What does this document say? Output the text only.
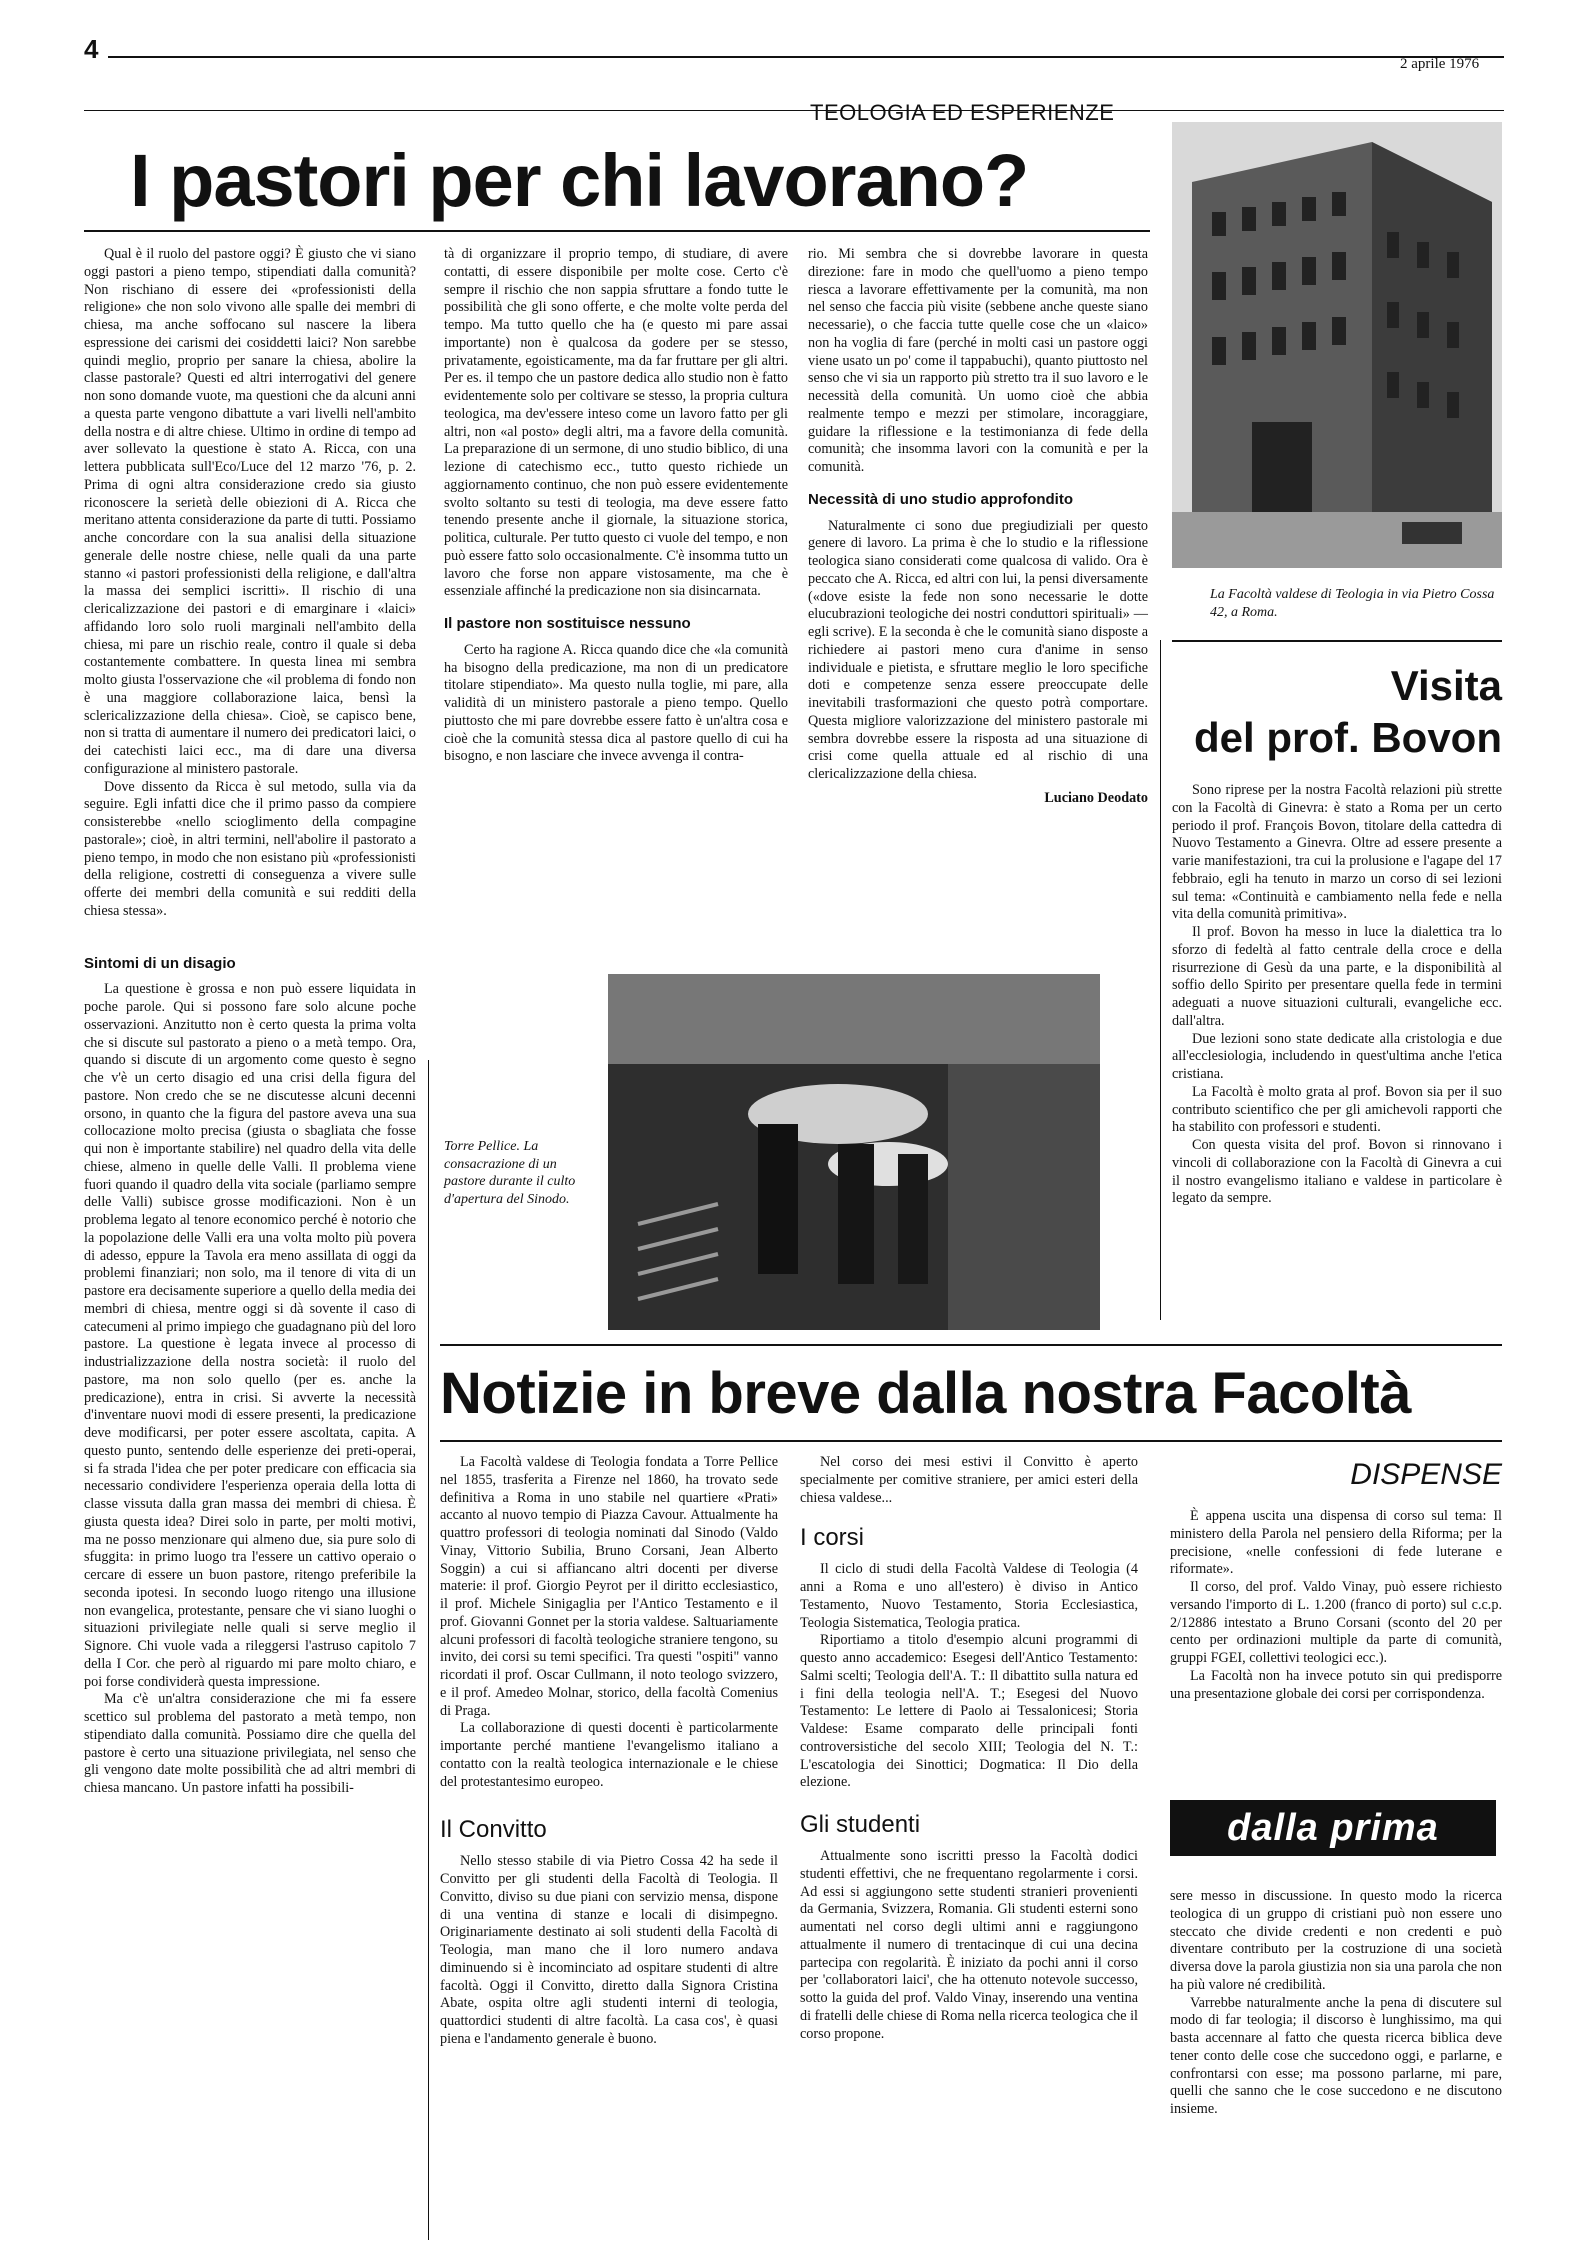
4	2 aprile 1976
TEOLOGIA ED ESPERIENZE
I pastori per chi lavorano?
La Facoltà valdese di Teologia in via Pietro Cossa 42, a Roma.

Qual è il ruolo del pastore oggi? È giusto che vi siano oggi pastori a pieno tempo, stipendiati dalla comunità? Non rischiano di essere dei «professionisti della religione» che non solo vivono alle spalle dei membri di chiesa, ma anche soffocano sul nascere la libera espressione dei carismi dei cosiddetti laici? Non sarebbe quindi meglio, proprio per sanare la chiesa, abolire la classe pastorale? Questi ed altri interrogativi del genere non sono domande vuote, ma questioni che da alcuni anni a questa parte vengono dibattute a vari livelli nell'ambito della nostra e di altre chiese. Ultimo in ordine di tempo ad aver sollevato la questione è stato A. Ricca, con una lettera pubblicata sull'Eco/Luce del 12 marzo '76, p. 2. Prima di ogni altra considerazione credo sia giusto riconoscere la serietà delle obiezioni di A. Ricca che meritano attenta considerazione da parte di tutti. Possiamo anche concordare con la sua analisi della situazione generale delle nostre chiese, nelle quali da una parte stanno «i pastori professionisti della religione, e dall'altra la massa dei semplici iscritti». Il rischio di una clericalizzazione dei pastori e di emarginare i «laici» affidando loro solo ruoli marginali nell'ambito della chiesa, mi pare un rischio reale, contro il quale si deba costantemente combattere. In questa linea mi sembra molto giusta l'osservazione che «il problema di fondo non è una maggiore collaborazione laica, bensì la sclericalizzazione della chiesa». Cioè, se capisco bene, non si tratta di aumentare il numero dei predicatori laici, o dei catechisti laici ecc., ma di dare una diversa configurazione al ministero pastorale.

Dove dissento da Ricca è sul metodo, sulla via da seguire. Egli infatti dice che il primo passo da compiere consisterebbe «nello scioglimento della compagine pastorale»; cioè, in altri termini, nell'abolire il pastorato a pieno tempo, in modo che non esistano più «professionisti della religione, costretti di conseguenza a vivere sulle offerte dei membri della comunità e sui redditi della chiesa stessa».

Sintomi di un disagio

La questione è grossa e non può essere liquidata in poche parole. Qui si possono fare solo alcune poche osservazioni. Anzitutto non è certo questa la prima volta che si discute sul pastorato a pieno o a metà tempo. Ora, quando si discute di un argomento come questo è segno che v'è un certo disagio ed una crisi della figura del pastore. Non credo che se ne discutesse alcuni decenni orsono, in quanto che la figura del pastore aveva una sua collocazione molto precisa (giusta o sbagliata che fosse qui non è importante stabilire) nel quadro della vita delle chiese, almeno in quelle delle Valli. Il problema viene fuori quando il quadro della vita sociale (parliamo sempre delle Valli) subisce grosse modificazioni. Non è un problema legato al tenore economico perché è notorio che la popolazione delle Valli era una volta molto più povera di adesso, eppure la Tavola era meno assillata di oggi da problemi finanziari; non solo, ma il tenore di vita di un pastore era decisamente superiore a quello della media dei membri di chiesa, mentre oggi si dà sovente il caso di catecumeni al primo impiego che guadagnano più del loro pastore. La questione è legata invece al processo di industrializzazione della nostra società: il ruolo del pastore, ma non solo quello (per es. anche la predicazione), entra in crisi. Si avverte la necessità d'inventare nuovi modi di essere presenti, la predicazione deve modificarsi, per poter essere ascoltata, capita. A questo punto, sentendo delle esperienze dei preti-operai, si fa strada l'idea che per poter predicare con efficacia sia necessario condividere l'esperienza operaia della lotta di classe vissuta dalla gran massa dei membri di chiesa. È giusta questa idea? Direi solo in parte, per molti motivi, ma ne posso menzionare qui almeno due, sia pure solo di sfuggita: in primo luogo tra l'essere un cattivo operaio o cercare di essere un buon pastore, ritengo preferibile la seconda ipotesi. In secondo luogo ritengo una illusione non evangelica, protestante, pensare che vi siano luoghi o situazioni privilegiate nelle quali si serve meglio il Signore. Chi vuole vada a rileggersi l'astruso capitolo 7 della I Cor. che però al riguardo mi pare molto chiaro, e poi forse condividerà questa impressione.

Ma c'è un'altra considerazione che mi fa essere scettico sul problema del pastorato a metà tempo, non stipendiato dalla comunità. Possiamo dire che quella del pastore è certo una situazione privilegiata, nel senso che gli vengono date molte possibilità che ad altri membri di chiesa mancano. Un pastore infatti ha possibili-

tà di organizzare il proprio tempo, di studiare, di avere contatti, di essere disponibile per molte cose. Certo c'è sempre il rischio che non sappia sfruttare a fondo tutte le possibilità che gli sono offerte, e che molte volte perda del tempo. Ma tutto quello che ha (e questo mi pare assai importante) non è qualcosa da godere per se stesso, privatamente, egoisticamente, ma da far fruttare per gli altri. Per es. il tempo che un pastore dedica allo studio non è fatto evidentemente solo per coltivare se stesso, la propria cultura teologica, ma dev'essere inteso come un lavoro fatto per gli altri, non «al posto» degli altri, ma a favore della comunità. La preparazione di un sermone, di uno studio biblico, di una lezione di catechismo ecc., tutto questo richiede un aggiornamento continuo, che non può essere evidentemente svolto soltanto su testi di teologia, ma deve essere fatto tenendo presente anche il giornale, la situazione storica, politica, culturale. Per tutto questo ci vuole del tempo, e non può essere fatto solo occasionalmente. C'è insomma tutto un lavoro che forse non appare vistosamente, ma che è essenziale affinché la predicazione non sia disincarnata.

Il pastore non sostituisce nessuno

Certo ha ragione A. Ricca quando dice che «la comunità ha bisogno della predicazione, ma non di un predicatore titolare stipendiato». Ma questo nulla toglie, mi pare, alla validità di un ministero pastorale a pieno tempo. Quello piuttosto che mi pare dovrebbe essere fatto è un'altra cosa e cioè che la comunità stessa dica al pastore quello di cui ha bisogno, e non lasciare che invece avvenga il contra-

rio. Mi sembra che si dovrebbe lavorare in questa direzione: fare in modo che quell'uomo a pieno tempo riesca a lavorare effettivamente per la comunità, ma non nel senso che faccia più visite (sebbene anche queste siano necessarie), o che faccia tutte quelle cose che un «laico» non ha voglia di fare (perché in molti casi un pastore oggi viene usato un po' come il tappabuchi), quanto piuttosto nel senso che vi sia un rapporto più stretto tra il suo lavoro e le necessità della comunità. Un uomo cioè che abbia realmente tempo e mezzi per stimolare, incoraggiare, guidare la riflessione e la testimonianza di fede della comunità; che insomma lavori con la comunità e per la comunità.

Necessità di uno studio approfondito

Naturalmente ci sono due pregiudiziali per questo genere di lavoro. La prima è che lo studio e la riflessione teologica siano considerati come qualcosa di valido. Ora è peccato che A. Ricca, ed altri con lui, la pensi diversamente («dove esiste la fede non sono necessarie le dotte elucubrazioni teologiche dei nostri conduttori spirituali» — egli scrive). E la seconda è che le comunità siano disposte a richiedere ai pastori meno cura d'anime in senso individuale e pietista, e sfruttare meglio le loro specifiche doti e competenze senza essere preoccupate delle inevitabili trasformazioni che questo potrà comportare. Questa migliore valorizzazione del ministero pastorale mi sembra dovrebbe essere la risposta ad una situazione di crisi come quella attuale ed al rischio di una clericalizzazione della chiesa.

Luciano Deodato
Torre Pellice. La consacrazione di un pastore durante il culto d'apertura del Sinodo.
Visita
del prof. Bovon

Sono riprese per la nostra Facoltà relazioni più strette con la Facoltà di Ginevra: è stato a Roma per un certo periodo il prof. François Bovon, titolare della cattedra di Nuovo Testamento a Ginevra. Oltre ad essere presente a varie manifestazioni, tra cui la prolusione e l'agape del 17 febbraio, egli ha tenuto in marzo un corso di sei lezioni sul tema: «Continuità e cambiamento nella fede e nella vita della comunità primitiva».

Il prof. Bovon ha messo in luce la dialettica tra lo sforzo di fedeltà al fatto centrale della croce e della risurrezione di Gesù da una parte, e la disponibilità al soffio dello Spirito per presentare quella fede in termini adeguati a nuove situazioni culturali, evangeliche ecc. dall'altra.

Due lezioni sono state dedicate alla cristologia e due all'ecclesiologia, includendo in quest'ultima anche l'etica cristiana.

La Facoltà è molto grata al prof. Bovon sia per il suo contributo scientifico che per gli amichevoli rapporti che ha stabilito con professori e studenti.

Con questa visita del prof. Bovon si rinnovano i vincoli di collaborazione con la Facoltà di Ginevra a cui il nostro evangelismo italiano e valdese in particolare è legato da sempre.

Notizie in breve dalla nostra Facoltà

La Facoltà valdese di Teologia fondata a Torre Pellice nel 1855, trasferita a Firenze nel 1860, ha trovato sede definitiva a Roma in uno stabile nel quartiere «Prati» accanto al nuovo tempio di Piazza Cavour. Attualmente ha quattro professori di teologia nominati dal Sinodo (Valdo Vinay, Vittorio Subilia, Bruno Corsani, Jean Alberto Soggin) a cui si affiancano altri docenti per diverse materie: il prof. Giorgio Peyrot per il diritto ecclesiastico, il prof. Michele Sinigaglia per l'Antico Testamento e il prof. Giovanni Gonnet per la storia valdese. Saltuariamente alcuni professori di facoltà teologiche straniere tengono, su invito, dei corsi su temi specifici. Tra questi "ospiti" vanno ricordati il prof. Oscar Cullmann, il noto teologo svizzero, e il prof. Amedeo Molnar, storico, della facoltà Comenius di Praga.

La collaborazione di questi docenti è particolarmente importante perché mantiene l'evangelismo italiano a contatto con la realtà teologica internazionale e le chiese del protestantesimo europeo.

Il Convitto

Nello stesso stabile di via Pietro Cossa 42 ha sede il Convitto per gli studenti della Facoltà di Teologia. Il Convitto, diviso su due piani con servizio mensa, dispone di una ventina di stanze e locali di disimpegno. Originariamente destinato ai soli studenti della Facoltà di Teologia, man mano che il loro numero andava diminuendo si è incominciato ad ospitare studenti di altre facoltà. Oggi il Convitto, diretto dalla Signora Cristina Abate, ospita oltre agli studenti interni di teologia, quattordici studenti di altre facoltà. La casa cos', è quasi piena e l'andamento generale è buono.

Nel corso dei mesi estivi il Convitto è aperto specialmente per comitive straniere, per amici esteri della chiesa valdese...

I corsi

Il ciclo di studi della Facoltà Valdese di Teologia (4 anni a Roma e uno all'estero) è diviso in Antico Testamento, Nuovo Testamento, Storia Ecclesiastica, Teologia Sistematica, Teologia pratica.

Riportiamo a titolo d'esempio alcuni programmi di questo anno accademico: Esegesi dell'Antico Testamento: Salmi scelti; Teologia dell'A. T.: Il dibattito sulla natura ed i fini della teologia nell'A. T.; Esegesi del Nuovo Testamento: Le lettere di Paolo ai Tessalonicesi; Storia Valdese: Esame comparato delle principali fonti controversistiche del secolo XIII; Teologia del N. T.: L'escatologia dei Sinottici; Dogmatica: Il Dio della elezione.

Gli studenti

Attualmente sono iscritti presso la Facoltà dodici studenti effettivi, che ne frequentano regolarmente i corsi. Ad essi si aggiungono sette studenti stranieri provenienti da Germania, Svizzera, Romania. Gli studenti esterni sono aumentati nel corso degli ultimi anni e raggiungono attualmente il numero di trentacinque di cui una decina partecipa con regolarità. È iniziato da pochi anni il corso per 'collaboratori laici', che ha ottenuto notevole successo, sotto la guida del prof. Valdo Vinay, inserendo una ventina di fratelli delle chiese di Roma nella ricerca teologica che il corso propone.

DISPENSE

È appena uscita una dispensa di corso sul tema: Il ministero della Parola nel pensiero della Riforma; per la precisione, «nelle confessioni di fede luterane e riformate».

Il corso, del prof. Valdo Vinay, può essere richiesto versando l'importo di L. 1.200 (franco di porto) sul c.c.p. 2/12886 intestato a Bruno Corsani (sconto del 20 per cento per ordinazioni multiple da parte di comunità, gruppi FGEI, collettivi teologici ecc.).

La Facoltà non ha invece potuto sin qui predisporre una presentazione globale dei corsi per corrispondenza.

dalla prima

sere messo in discussione. In questo modo la ricerca teologica di un gruppo di cristiani può non essere uno steccato che divide credenti e non credenti e può diventare contributo per la costruzione di una società diversa dove la parola giustizia non sia una parola che non ha più valore né credibilità.

Varrebbe naturalmente anche la pena di discutere sul modo di far teologia; il discorso è lunghissimo, ma qui basta accennare al fatto che questa ricerca biblica deve tener conto delle cose che succedono oggi, e parlarne, e confrontarsi con esse; ma possono parlarne, mi pare, quelli che sanno che le cose succedono e ne discutono insieme.
